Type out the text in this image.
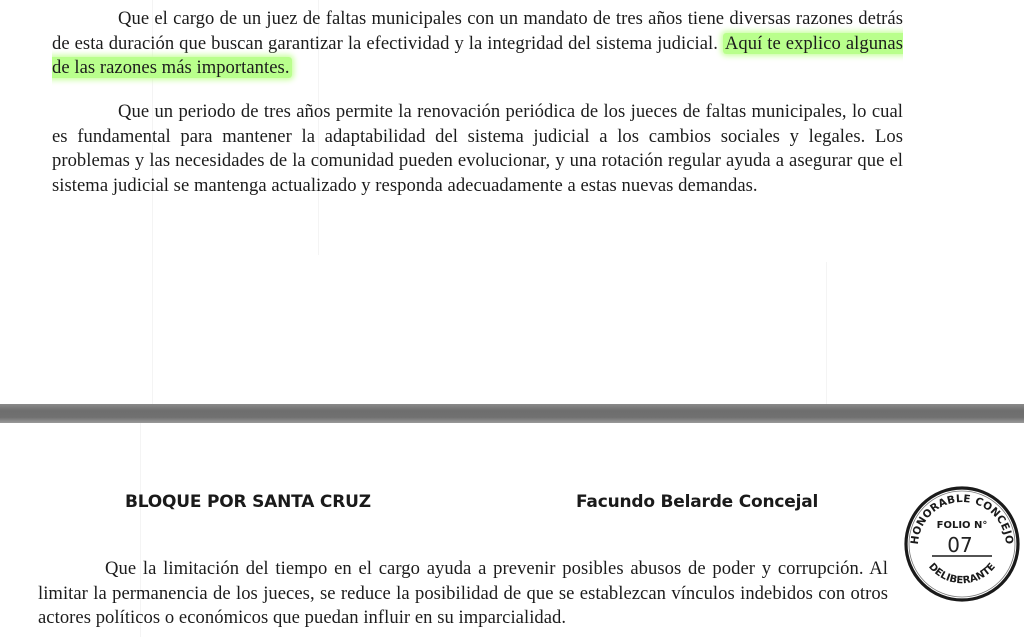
Que el cargo de un juez de faltas municipales con un mandato de tres años tiene diversas razones detrás de esta duración que buscan garantizar la efectividad y la integridad del sistema judicial. Aquí te explico algunas de las razones más importantes.

Que un periodo de tres años permite la renovación periódica de los jueces de faltas municipales, lo cual es fundamental para mantener la adaptabilidad del sistema judicial a los cambios sociales y legales. Los problemas y las necesidades de la comunidad pueden evolucionar, y una rotación regular ayuda a asegurar que el sistema judicial se mantenga actualizado y responda adecuadamente a estas nuevas demandas.

BLOQUE POR SANTA CRUZ	Facundo Belarde Concejal
HONORABLE CONCEJO
DELIBERANTE
FOLIO N°
07

Que la limitación del tiempo en el cargo ayuda a prevenir posibles abusos de poder y corrupción. Al limitar la permanencia de los jueces, se reduce la posibilidad de que se establezcan vínculos indebidos con otros actores políticos o económicos que puedan influir en su imparcialidad.
